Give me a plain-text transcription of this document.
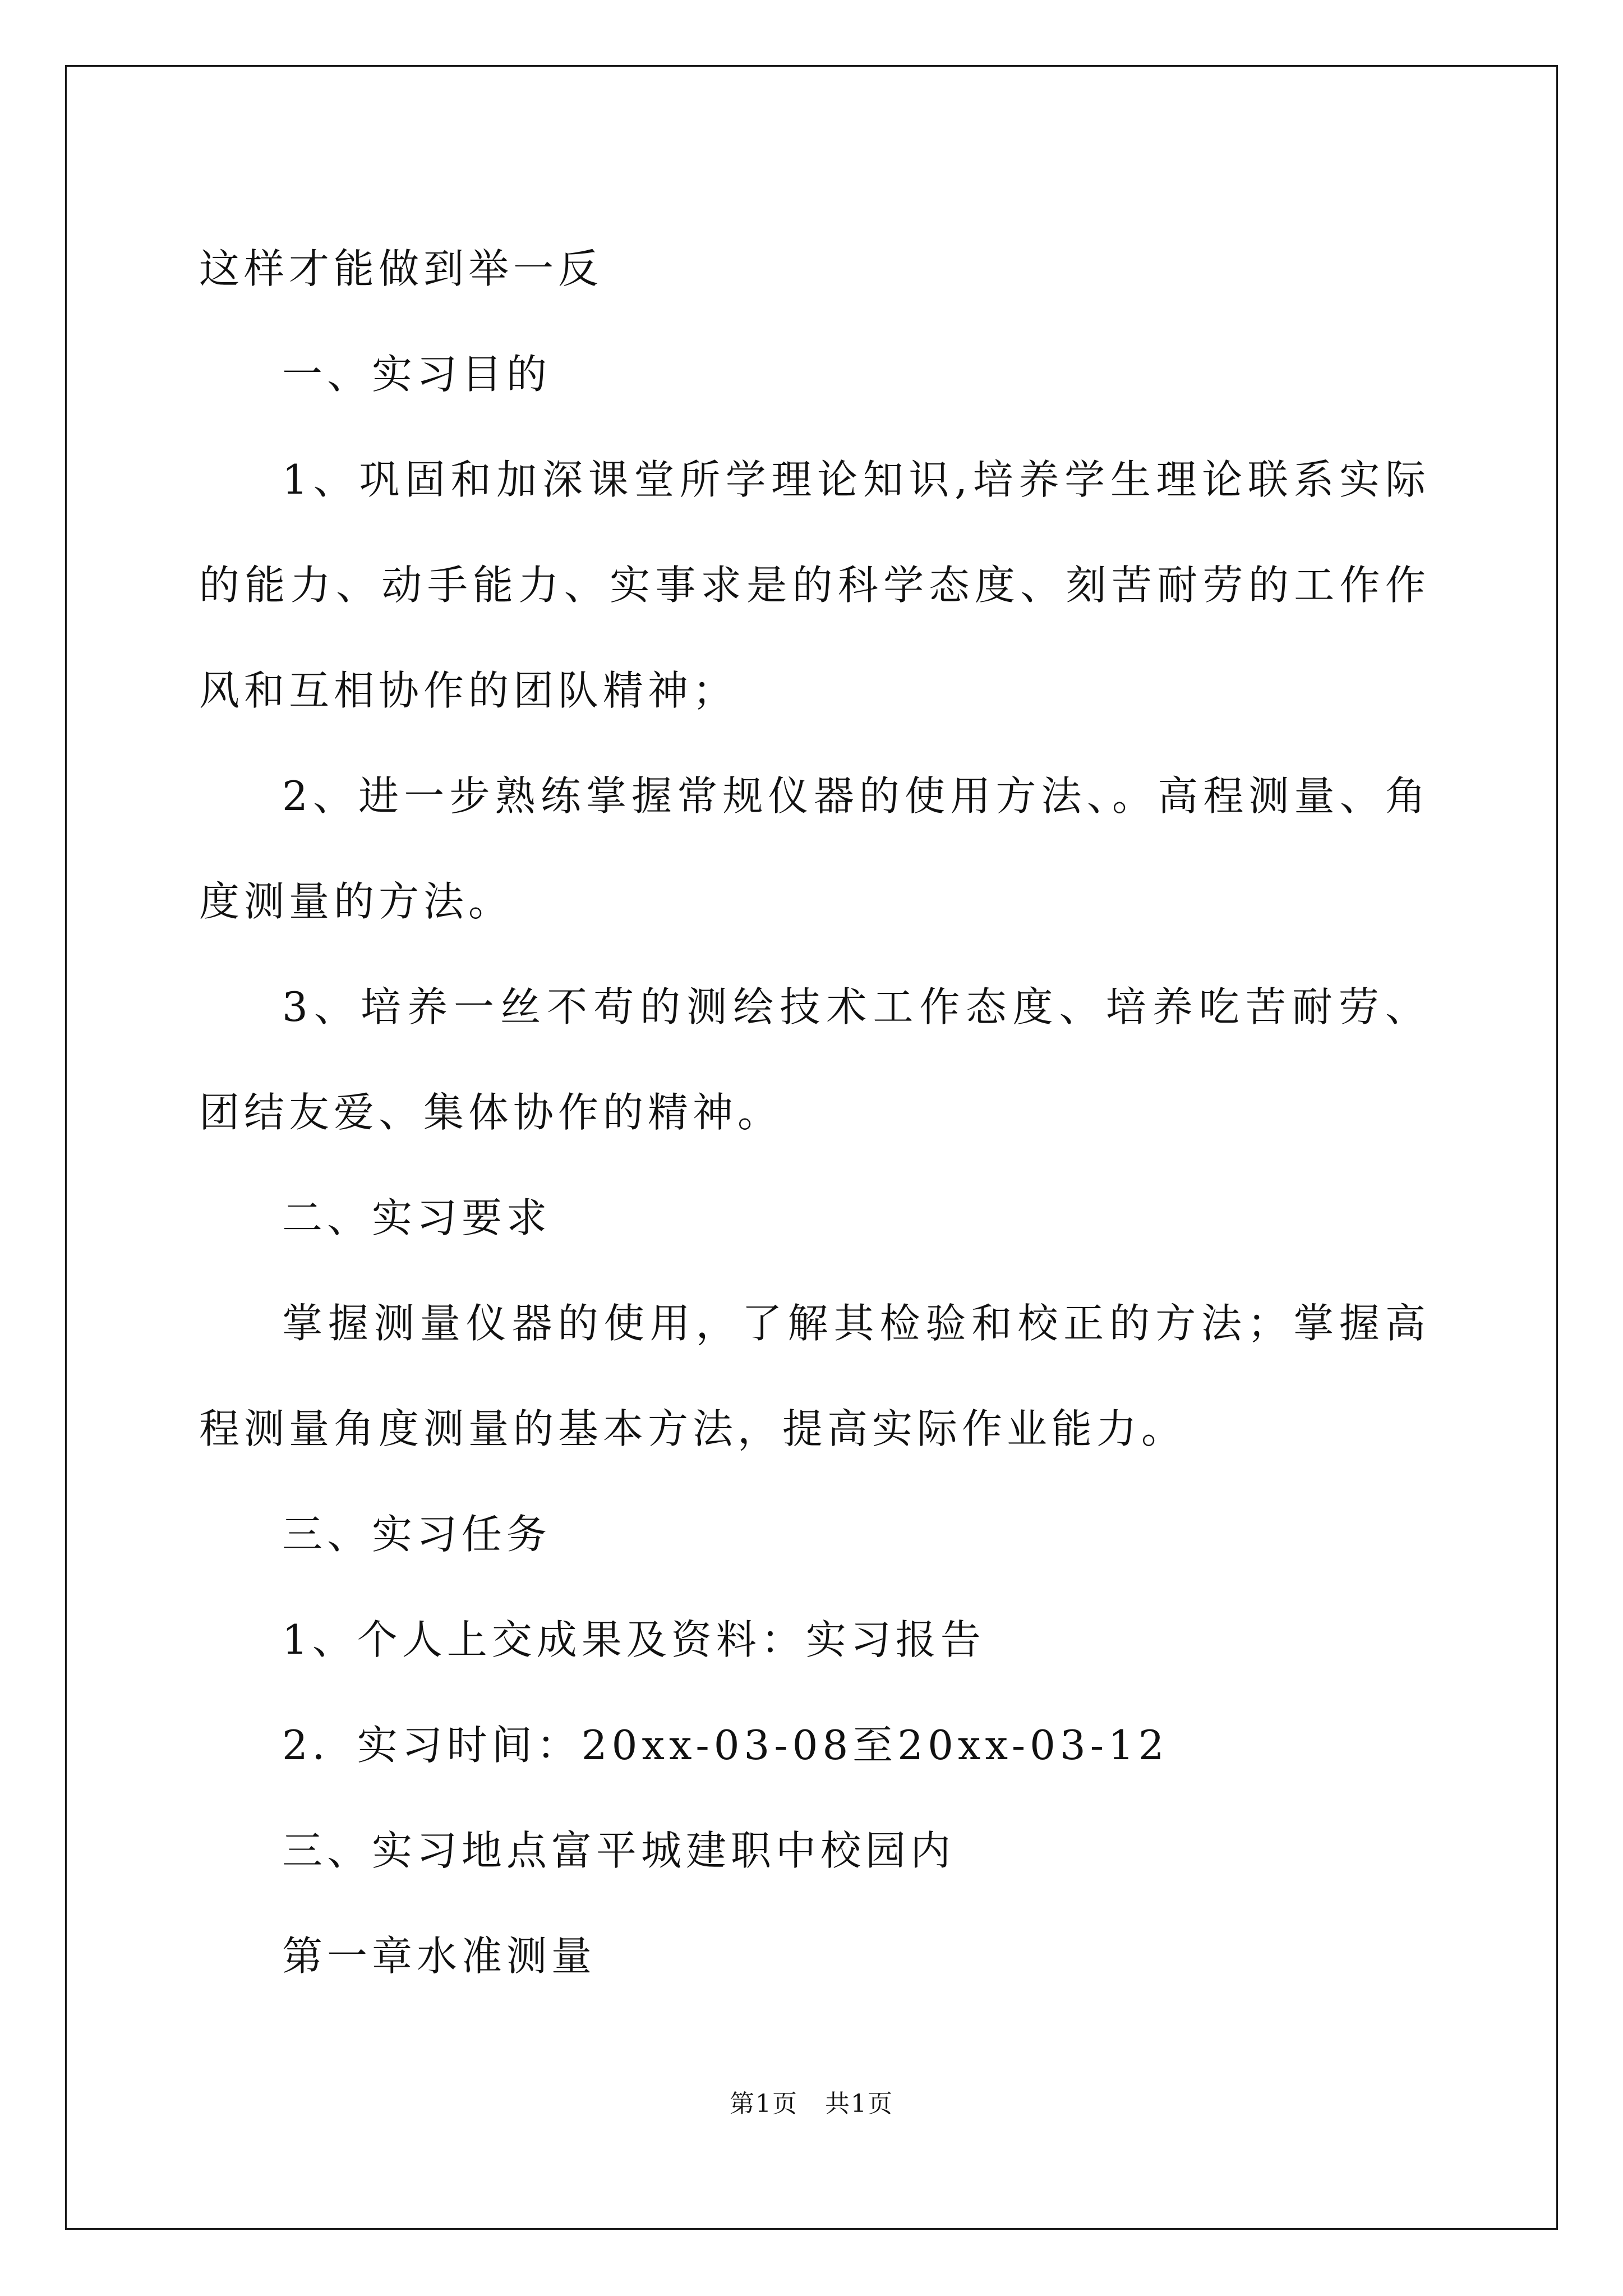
这样才能做到举一反

一、实习目的

1、巩固和加深课堂所学理论知识,培养学生理论联系实际的能力、动手能力、实事求是的科学态度、刻苦耐劳的工作作风和互相协作的团队精神；

2、进一步熟练掌握常规仪器的使用方法、。高程测量、角度测量的方法。

3、培养一丝不苟的测绘技术工作态度、培养吃苦耐劳、团结友爱、集体协作的精神。

二、实习要求

掌握测量仪器的使用，了解其检验和校正的方法；掌握高程测量角度测量的基本方法，提高实际作业能力。

三、实习任务

1、个人上交成果及资料：实习报告

2．实习时间：20xx-03-08至20xx-03-12

三、实习地点富平城建职中校园内

第一章水准测量

第1页 共1页
